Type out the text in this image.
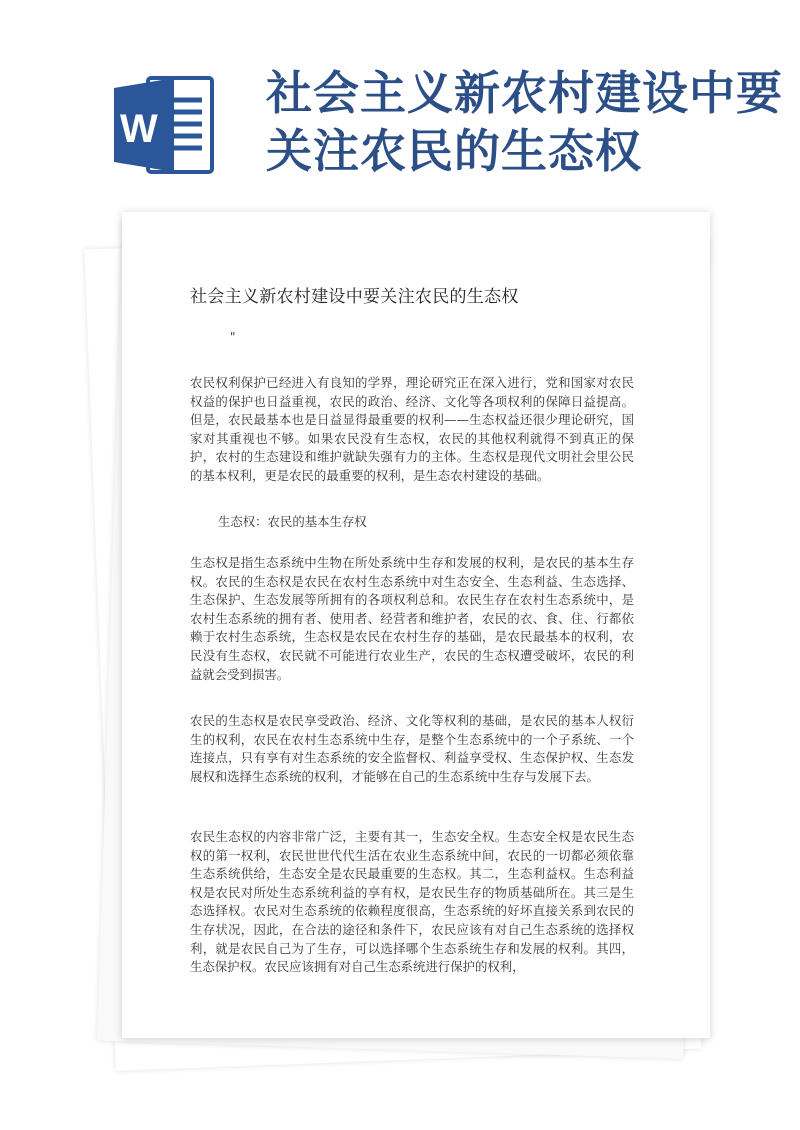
W
社会主义新农村建设中要关注农民的生态权
社会主义新农村建设中要关注农民的生态权
"

农民权利保护已经进入有良知的学界，理论研究正在深入进行，党和国家对农民权益的保护也日益重视，农民的政治、经济、文化等各项权利的保障日益提高。但是，农民最基本也是日益显得最重要的权利——生态权益还很少理论研究，国家对其重视也不够。如果农民没有生态权，农民的其他权利就得不到真正的保护，农村的生态建设和维护就缺失强有力的主体。生态权是现代文明社会里公民的基本权利，更是农民的最重要的权利，是生态农村建设的基础。

生态权：农民的基本生存权

生态权是指生态系统中生物在所处系统中生存和发展的权利，是农民的基本生存权。农民的生态权是农民在农村生态系统中对生态安全、生态利益、生态选择、生态保护、生态发展等所拥有的各项权利总和。农民生存在农村生态系统中，是农村生态系统的拥有者、使用者、经营者和维护者，农民的衣、食、住、行都依赖于农村生态系统，生态权是农民在农村生存的基础，是农民最基本的权利，农民没有生态权，农民就不可能进行农业生产，农民的生态权遭受破坏，农民的利益就会受到损害。

农民的生态权是农民享受政治、经济、文化等权利的基础，是农民的基本人权衍生的权利，农民在农村生态系统中生存，是整个生态系统中的一个子系统、一个连接点，只有享有对生态系统的安全监督权、利益享受权、生态保护权、生态发展权和选择生态系统的权利，才能够在自己的生态系统中生存与发展下去。

农民生态权的内容非常广泛，主要有其一，生态安全权。生态安全权是农民生态权的第一权利，农民世世代代生活在农业生态系统中间，农民的一切都必须依靠生态系统供给，生态安全是农民最重要的生态权。其二，生态利益权。生态利益权是农民对所处生态系统利益的享有权，是农民生存的物质基础所在。其三是生态选择权。农民对生态系统的依赖程度很高，生态系统的好坏直接关系到农民的生存状况，因此，在合法的途径和条件下，农民应该有对自己生态系统的选择权利，就是农民自己为了生存，可以选择哪个生态系统生存和发展的权利。其四，生态保护权。农民应该拥有对自己生态系统进行保护的权利，
